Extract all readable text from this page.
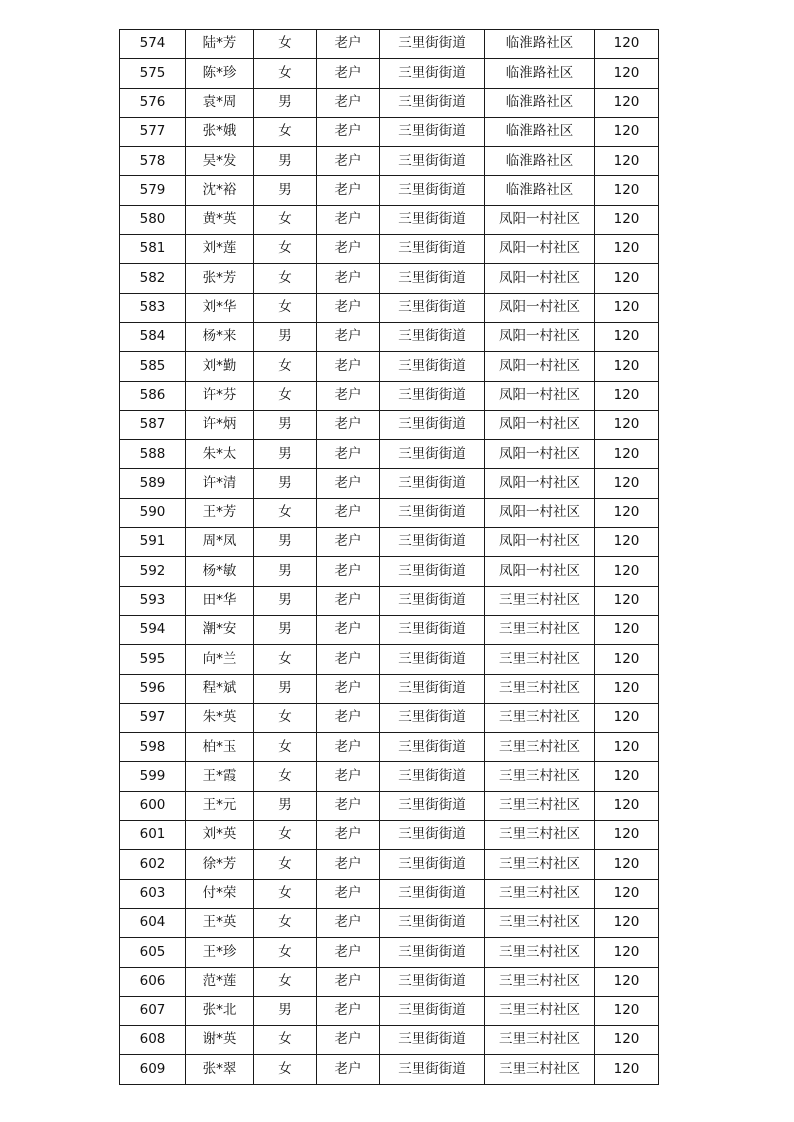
574	陆*芳	女	老户	三里街街道	临淮路社区	120
575	陈*珍	女	老户	三里街街道	临淮路社区	120
576	袁*周	男	老户	三里街街道	临淮路社区	120
577	张*娥	女	老户	三里街街道	临淮路社区	120
578	吴*发	男	老户	三里街街道	临淮路社区	120
579	沈*裕	男	老户	三里街街道	临淮路社区	120
580	黄*英	女	老户	三里街街道	凤阳一村社区	120
581	刘*莲	女	老户	三里街街道	凤阳一村社区	120
582	张*芳	女	老户	三里街街道	凤阳一村社区	120
583	刘*华	女	老户	三里街街道	凤阳一村社区	120
584	杨*来	男	老户	三里街街道	凤阳一村社区	120
585	刘*勤	女	老户	三里街街道	凤阳一村社区	120
586	许*芬	女	老户	三里街街道	凤阳一村社区	120
587	许*炳	男	老户	三里街街道	凤阳一村社区	120
588	朱*太	男	老户	三里街街道	凤阳一村社区	120
589	许*清	男	老户	三里街街道	凤阳一村社区	120
590	王*芳	女	老户	三里街街道	凤阳一村社区	120
591	周*凤	男	老户	三里街街道	凤阳一村社区	120
592	杨*敏	男	老户	三里街街道	凤阳一村社区	120
593	田*华	男	老户	三里街街道	三里三村社区	120
594	潮*安	男	老户	三里街街道	三里三村社区	120
595	向*兰	女	老户	三里街街道	三里三村社区	120
596	程*斌	男	老户	三里街街道	三里三村社区	120
597	朱*英	女	老户	三里街街道	三里三村社区	120
598	柏*玉	女	老户	三里街街道	三里三村社区	120
599	王*霞	女	老户	三里街街道	三里三村社区	120
600	王*元	男	老户	三里街街道	三里三村社区	120
601	刘*英	女	老户	三里街街道	三里三村社区	120
602	徐*芳	女	老户	三里街街道	三里三村社区	120
603	付*荣	女	老户	三里街街道	三里三村社区	120
604	王*英	女	老户	三里街街道	三里三村社区	120
605	王*珍	女	老户	三里街街道	三里三村社区	120
606	范*莲	女	老户	三里街街道	三里三村社区	120
607	张*北	男	老户	三里街街道	三里三村社区	120
608	谢*英	女	老户	三里街街道	三里三村社区	120
609	张*翠	女	老户	三里街街道	三里三村社区	120
